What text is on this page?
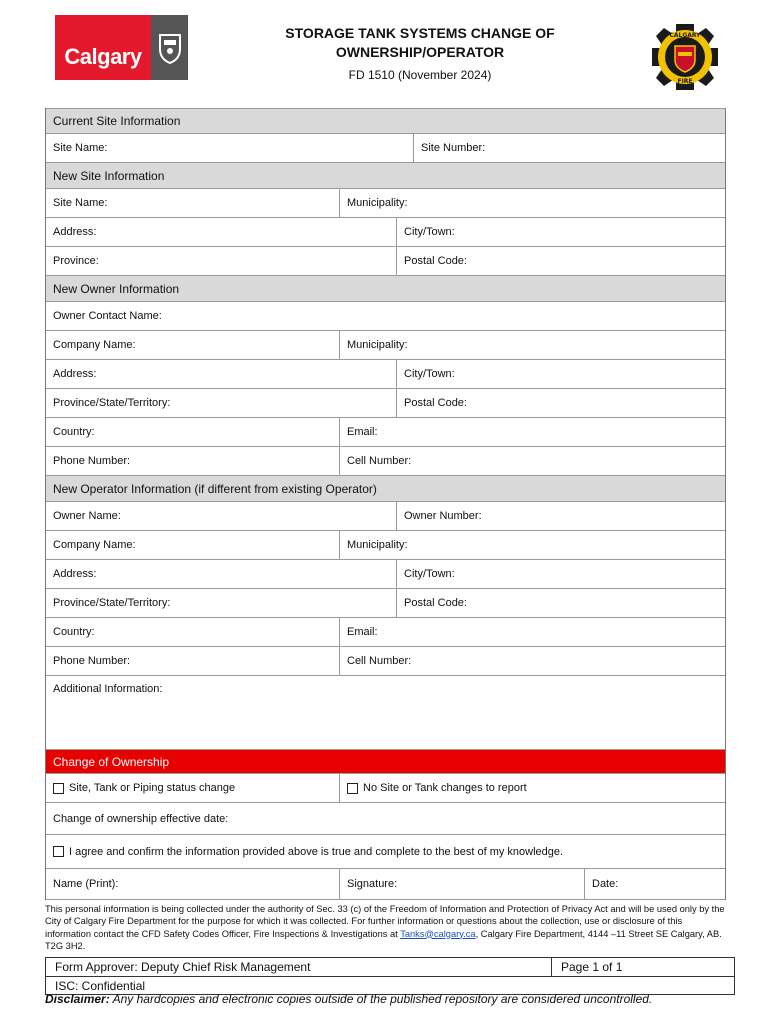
Calgary
STORAGE TANK SYSTEMS CHANGE OF
OWNERSHIP/OPERATOR
FD 1510 (November 2024)
CALGARY
FIRE
Current Site Information
Site Name:	Site Number:
New Site Information
Site Name:	Municipality:
Address:	City/Town:
Province:	Postal Code:
New Owner Information
Owner Contact Name:
Company Name:	Municipality:
Address:	City/Town:
Province/State/Territory:	Postal Code:
Country:	Email:
Phone Number:	Cell Number:
New Operator Information (if different from existing Operator)
Owner Name:	Owner Number:
Company Name:	Municipality:
Address:	City/Town:
Province/State/Territory:	Postal Code:
Country:	Email:
Phone Number:	Cell Number:
Additional Information:
Change of Ownership
Site, Tank or Piping status change	No Site or Tank changes to report
Change of ownership effective date:
I agree and confirm the information provided above is true and complete to the best of my knowledge.
Name (Print):	Signature:	Date:
This personal information is being collected under the authority of Sec. 33 (c) of the Freedom of Information and Protection of Privacy Act and will be used only by the City of Calgary Fire Department for the purpose for which it was collected. For further information or questions about the collection, use or disclosure of this information contact the CFD Safety Codes Officer, Fire Inspections & Investigations at Tanks@calgary.ca, Calgary Fire Department, 4144 –11 Street SE Calgary, AB. T2G 3H2.
Form Approver: Deputy Chief Risk Management	Page 1 of 1
ISC: Confidential
Disclaimer: Any hardcopies and electronic copies outside of the published repository are considered uncontrolled.
